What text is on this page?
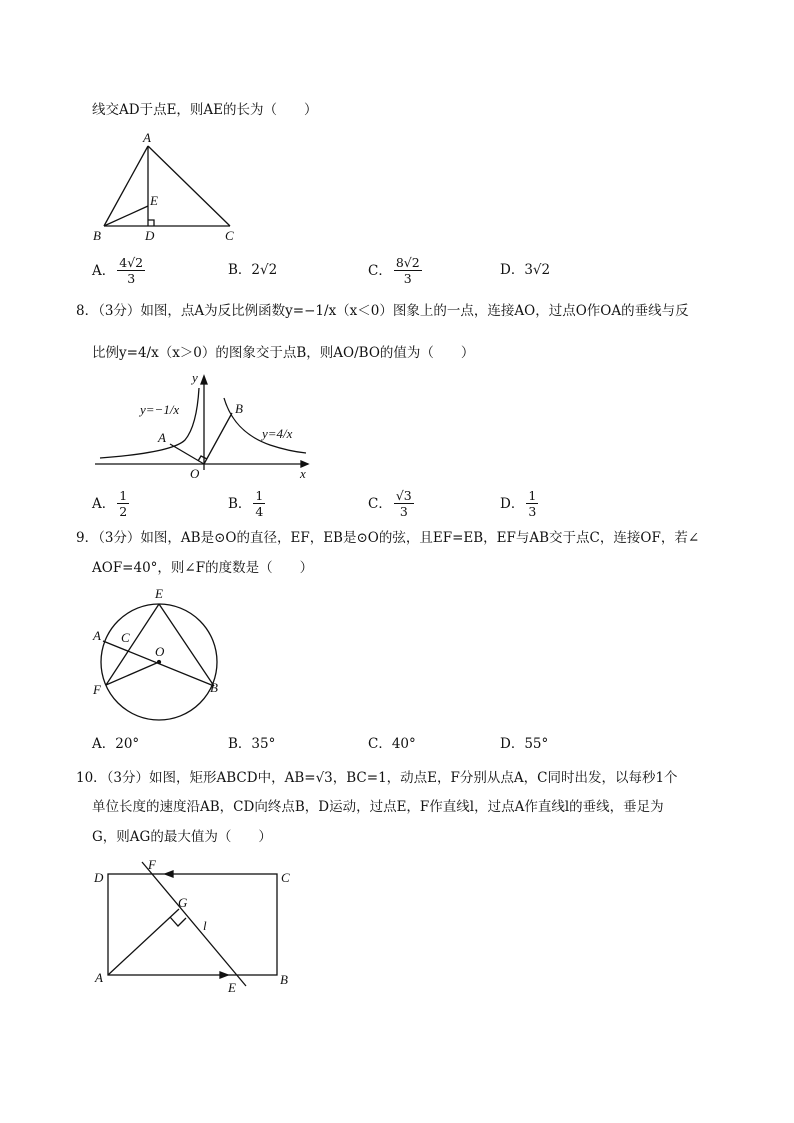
线交AD于点E，则AE的长为（　　）
A
E
B	D	C
A． 4√2
3
B． 2√2	C． 8√2
3
D． 3√2
8．（3分）如图，点A为反比例函数y=−1/x（x＜0）图象上的一点，连接AO，过点O作OA的垂线与反
比例y=4/x（x＞0）的图象交于点B，则AO/BO的值为（　　）
y
x
O
A
B
y=−1/x
y=4/x
A． 1
2	B． 1
4	C． √3
3	D． 1
3
9．（3分）如图，AB是⊙O的直径，EF，EB是⊙O的弦，且EF=EB，EF与AB交于点C，连接OF，若∠
AOF=40°，则∠F的度数是（　　）
E
A C
O
F	B
A．20°	B．35°	C．40°	D．55°
10．（3分）如图，矩形ABCD中，AB=√3，BC=1，动点E，F分别从点A，C同时出发，以每秒1个
单位长度的速度沿AB，CD向终点B，D运动，过点E，F作直线l，过点A作直线l的垂线，垂足为
G，则AG的最大值为（　　）
D
F
C
G
l
A
E
B
